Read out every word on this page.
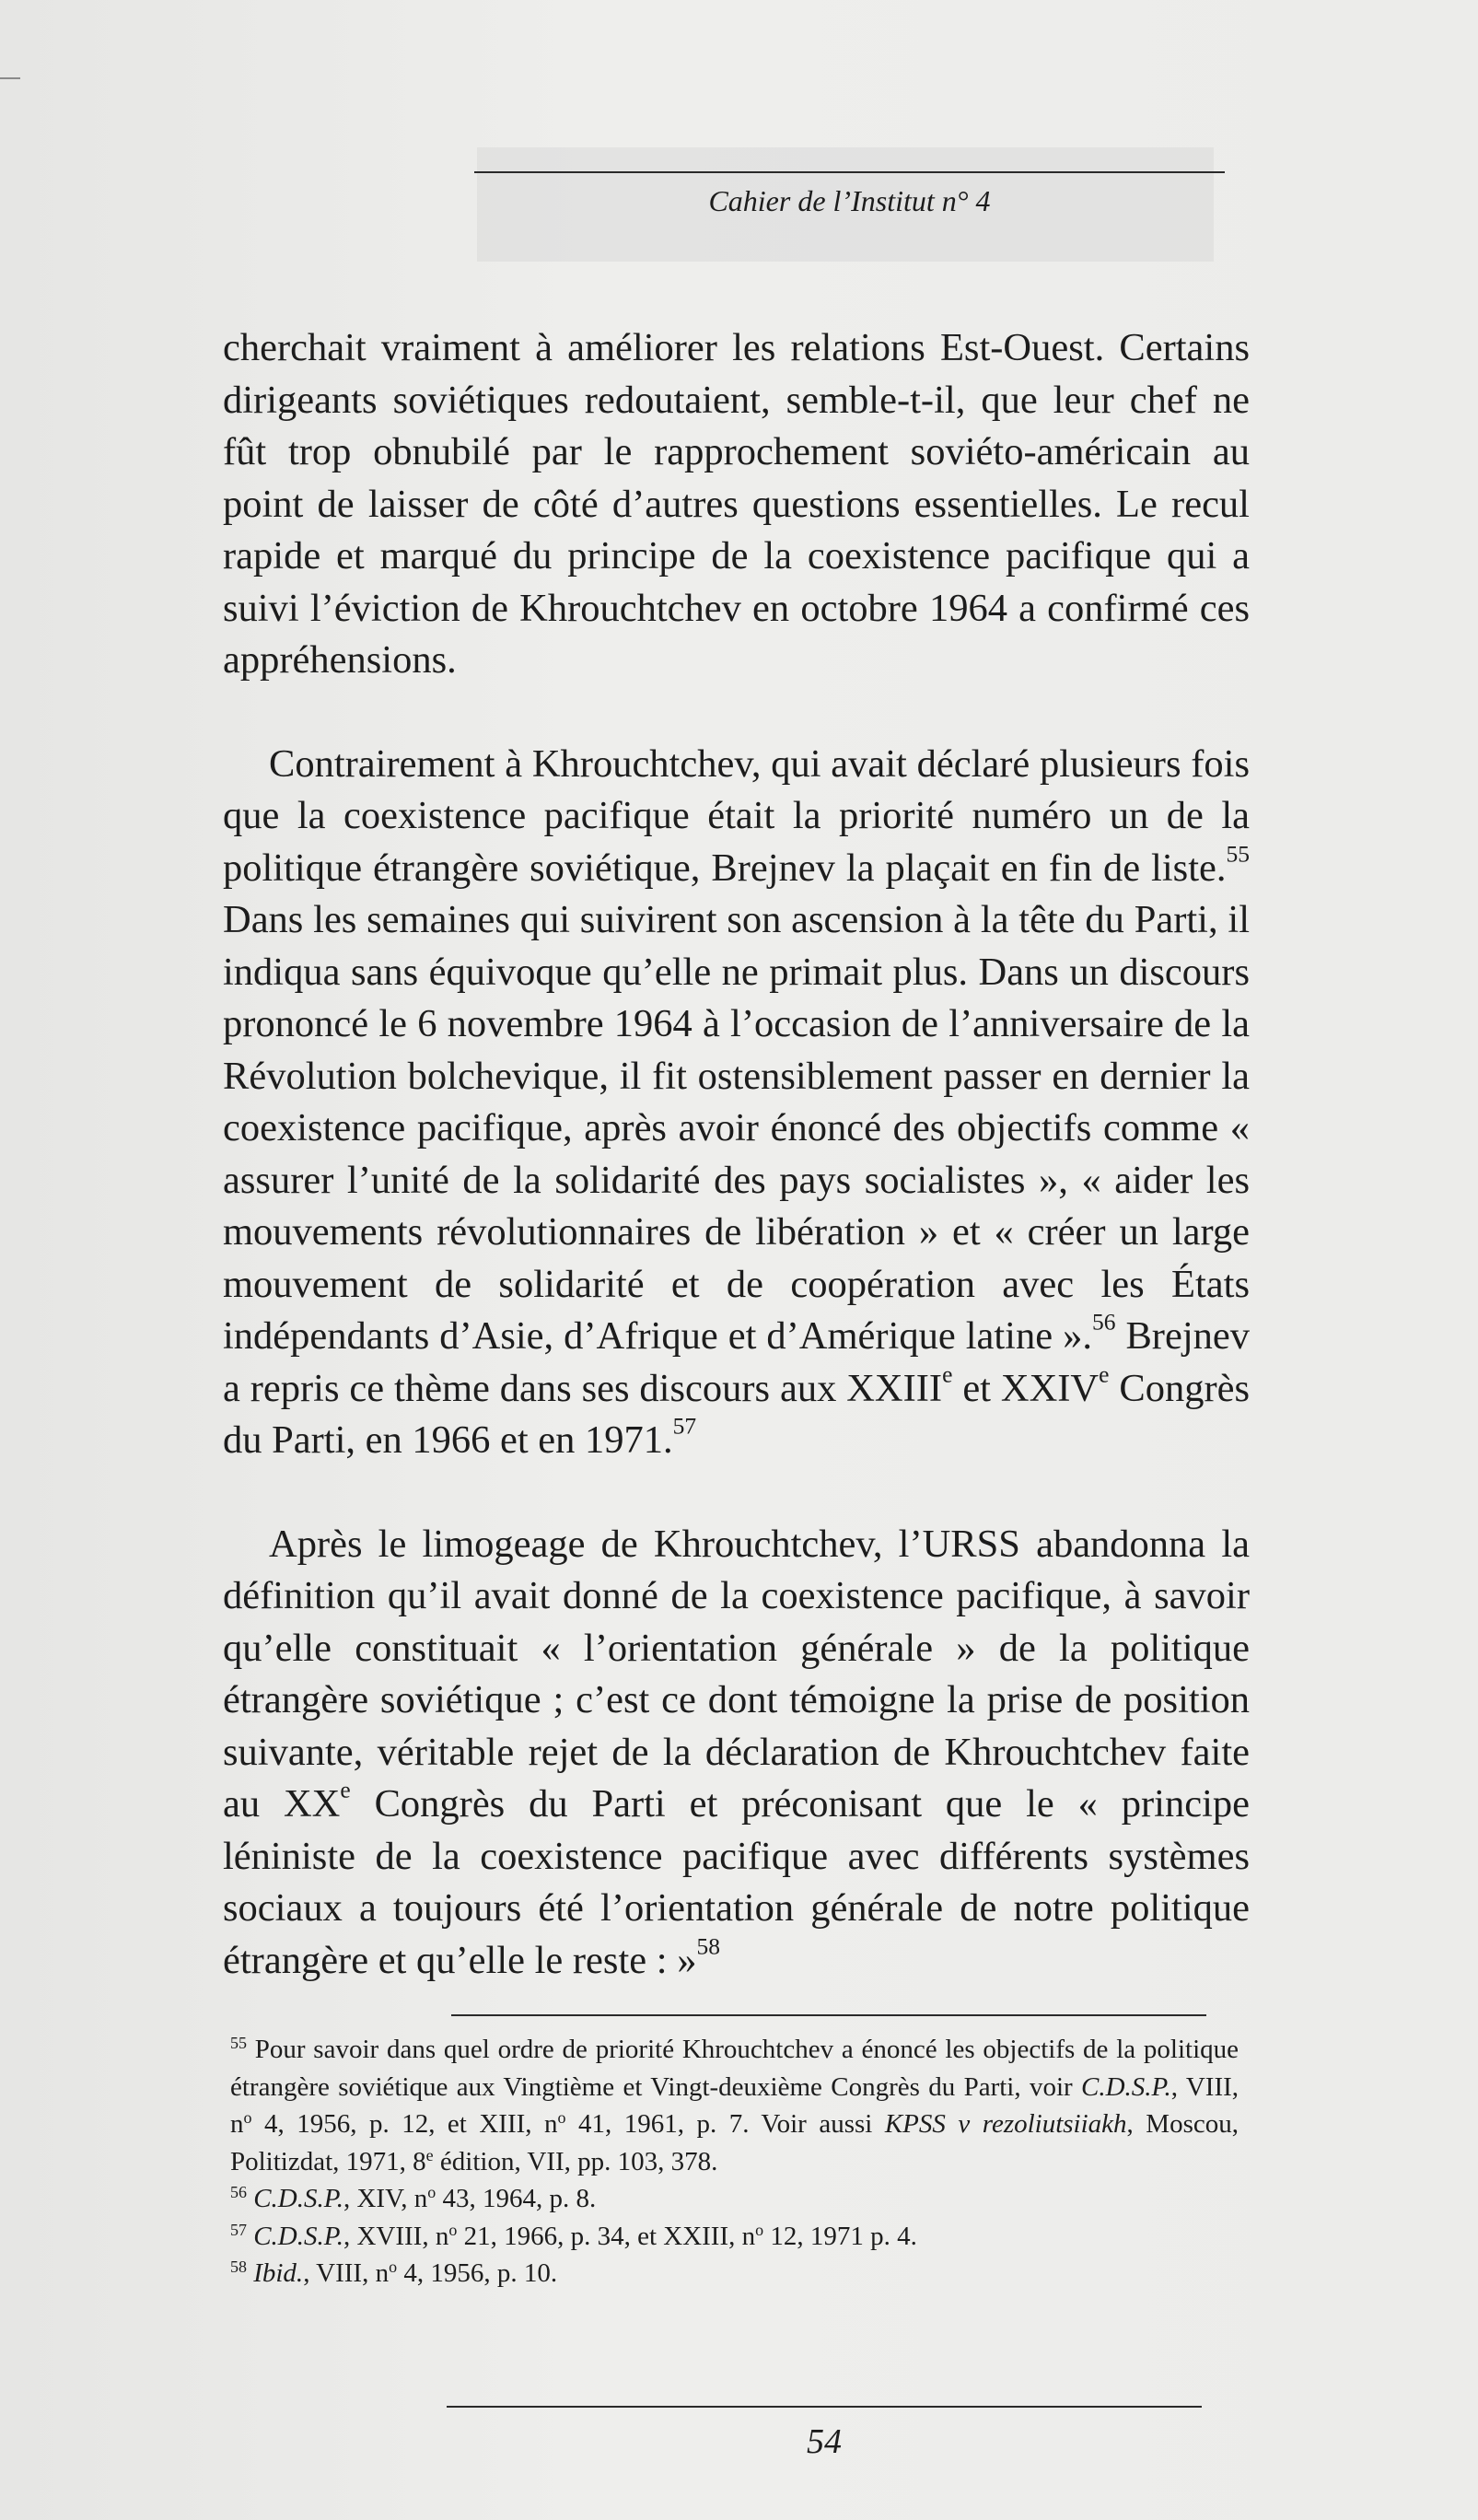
Cahier de l’Institut n° 4

cherchait vraiment à améliorer les relations Est-Ouest. Certains dirigeants soviétiques redoutaient, semble-t-il, que leur chef ne fût trop obnubilé par le rapprochement soviéto-américain au point de laisser de côté d’autres questions essentielles. Le recul rapide et marqué du principe de la coexistence pacifique qui a suivi l’éviction de Khrouchtchev en octobre 1964 a confirmé ces appréhensions.

Contrairement à Khrouchtchev, qui avait déclaré plusieurs fois que la coexistence pacifique était la priorité numéro un de la politique étrangère soviétique, Brejnev la plaçait en fin de liste.$^{55}$ Dans les semaines qui suivirent son ascension à la tête du Parti, il indiqua sans équivoque qu’elle ne primait plus. Dans un discours prononcé le 6 novembre 1964 à l’occasion de l’anniversaire de la Révolution bolchevique, il fit ostensiblement passer en dernier la coexistence pacifique, après avoir énoncé des objectifs comme « assurer l’unité de la solidarité des pays socialistes », « aider les mouvements révolutionnaires de libération » et « créer un large mouvement de solidarité et de coopération avec les États indépendants d’Asie, d’Afrique et d’Amérique latine ».$^{56}$ Brejnev a repris ce thème dans ses discours aux XXIIIe et XXIVe Congrès du Parti, en 1966 et en 1971.57

Après le limogeage de Khrouchtchev, l’URSS abandonna la définition qu’il avait donné de la coexistence pacifique, à savoir qu’elle constituait « l’orientation générale » de la politique étrangère soviétique ; c’est ce dont témoigne la prise de position suivante, véritable rejet de la déclaration de Khrouchtchev faite au XXe Congrès du Parti et préconisant que le « principe léniniste de la coexistence pacifique avec différents systèmes sociaux a toujours été l’orientation générale de notre politique étrangère et qu’elle le reste : »$^{58}$

$^{55}$ Pour savoir dans quel ordre de priorité Khrouchtchev a énoncé les objectifs de la politique étrangère soviétique aux Vingtième et Vingt-deuxième Congrès du Parti, voir C.D.S.P., VIII, $n^o$ 4, 1956, p. 12, et XIII, $n^o$ 41, 1961, p. 7. Voir aussi KPSS v rezoliutsiiakh, Moscou, Politizdat, 1971, 8e édition, VII, pp. 103, 378.

$^{56}$ C.D.S.P., XIV, $n^o$ 43, 1964, p. 8.

$^{57}$ C.D.S.P., XVIII, $n^o$ 21, 1966, p. 34, et XXIII, $n^o$ 12, 1971 p. 4.

$^{58}$ Ibid., VIII, $n^o$ 4, 1956, p. 10.

54
